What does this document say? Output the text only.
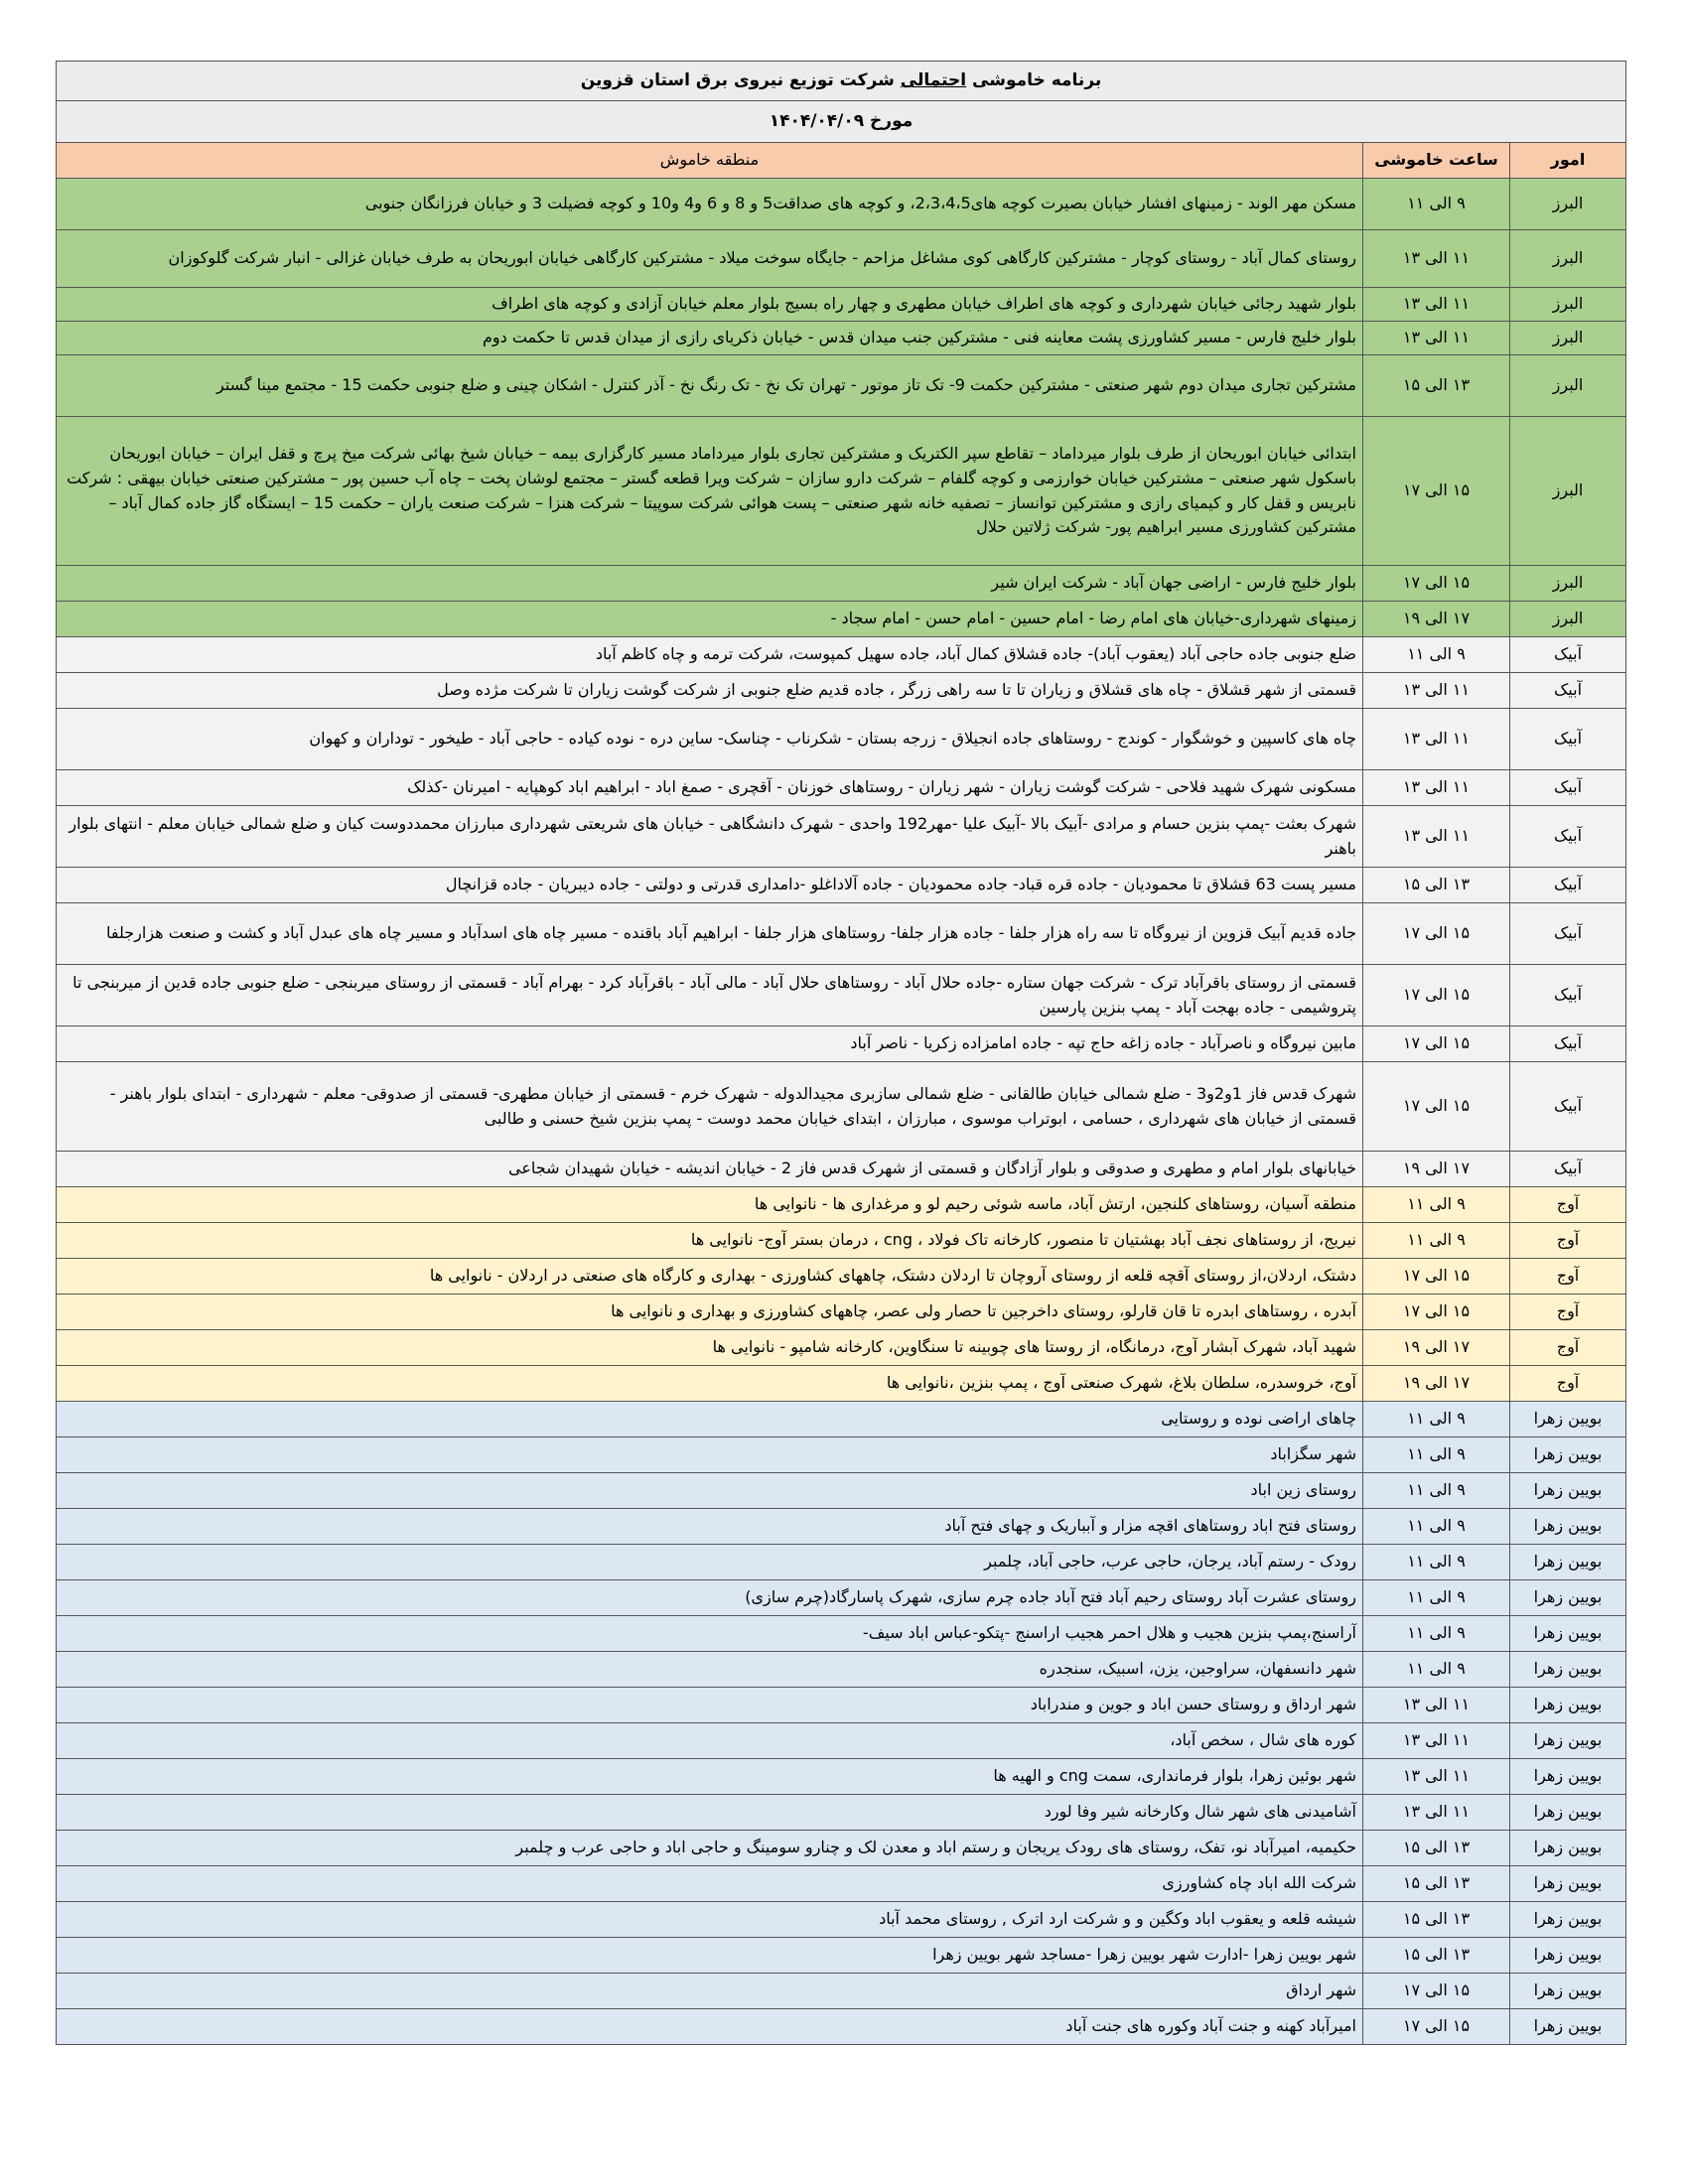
برنامه خاموشی احتمالی شرکت توزیع نیروی برق استان قزوین		
مورخ ۱۴۰۴/۰۴/۰۹		
امور	ساعت خاموشی	منطقه خاموش
البرز	۹ الی ۱۱	مسکن مهر الوند - زمینهای افشار خیابان بصیرت کوچه های2،3،4،5، و کوچه های صداقت5 و 8 و 6 و4 و10 و کوچه فضیلت 3 و خیابان فرزانگان جنوبی
البرز	۱۱ الی ۱۳	روستای کمال آباد - روستای کوچار - مشترکین کارگاهی کوی مشاغل مزاحم - جایگاه سوخت میلاد - مشترکین کارگاهی خیابان ابوریحان به طرف خیابان غزالی - انبار شرکت گلوکوزان
البرز	۱۱ الی ۱۳	بلوار شهید رجائی خیابان شهرداری و کوچه های اطراف خیابان مطهری و چهار راه بسیج بلوار معلم خیابان آزادی و کوچه های اطراف
البرز	۱۱ الی ۱۳	بلوار خلیج فارس - مسیر کشاورزی پشت معاینه فنی - مشترکین جنب میدان قدس - خیابان ذکریای رازی از میدان قدس تا حکمت دوم
البرز	۱۳ الی ۱۵	مشترکین تجاری میدان دوم شهر صنعتی - مشترکین حکمت 9- تک تاز موتور - تهران تک نخ - تک رنگ نخ - آذر کنترل - اشکان چینی و ضلع جنوبی حکمت 15 - مجتمع مینا گستر
البرز	۱۵ الی ۱۷	ابتدائی خیابان ابوریحان از طرف بلوار میرداماد – تقاطع سپر الکتریک و مشترکین تجاری بلوار میرداماد مسیر کارگزاری بیمه – خیابان شیخ بهائی شرکت میخ پرچ و قفل ایران – خیابان ابوریحان باسکول شهر صنعتی – مشترکین خیابان خوارزمی و کوچه گلفام – شرکت دارو سازان – شرکت ویرا قطعه گستر – مجتمع لوشان پخت – چاه آب حسین پور – مشترکین صنعتی خیابان بیهقی : شرکت نابریس و قفل کار و کیمیای رازی و مشترکین توانساز – تصفیه خانه شهر صنعتی – پست هوائی شرکت سوپیتا – شرکت هنزا – شرکت صنعت یاران – حکمت 15 – ایستگاه گاز جاده کمال آباد – مشترکین کشاورزی مسیر ابراهیم پور- شرکت ژلاتین حلال
البرز	۱۵ الی ۱۷	بلوار خلیج فارس - اراضی جهان آباد - شرکت ایران شیر
البرز	۱۷ الی ۱۹	زمینهای شهرداری-خیابان های امام رضا - امام حسین - امام حسن - امام سجاد -
آبیک	۹ الی ۱۱	ضلع جنوبی جاده حاجی آباد (یعقوب آباد)- جاده قشلاق کمال آباد، جاده سهیل کمپوست، شرکت ترمه و چاه کاظم آباد
آبیک	۱۱ الی ۱۳	قسمتی از شهر قشلاق - چاه های قشلاق و زیاران تا تا سه راهی زرگر ، جاده قدیم ضلع جنوبی از شرکت گوشت زیاران تا شرکت مژده وصل
آبیک	۱۱ الی ۱۳	چاه های کاسپین و خوشگوار - کوندج - روستاهای جاده انجیلاق - زرجه بستان - شکرناب - چناسک- ساین دره - نوده کیاده - حاجی آباد - طیخور - توداران و کهوان
آبیک	۱۱ الی ۱۳	مسکونی شهرک شهید فلاحی - شرکت گوشت زیاران - شهر زیاران - روستاهای خوزنان - آقچری - صمغ اباد - ابراهیم اباد کوهپایه - امیرنان -کذلک
آبیک	۱۱ الی ۱۳	شهرک بعثت -پمپ بنزین حسام و مرادی -آبیک بالا -آبیک علیا -مهر192 واحدی - شهرک دانشگاهی - خیابان های شریعتی شهرداری مبارزان محمددوست کیان و ضلع شمالی خیابان معلم - انتهای بلوار باهنر
آبیک	۱۳ الی ۱۵	مسیر پست 63 قشلاق تا محمودیان - جاده قره قباد- جاده محمودیان - جاده آلاداغلو -دامداری قدرتی و دولتی - جاده دیبریان - جاده قزانچال
آبیک	۱۵ الی ۱۷	جاده قدیم آبیک قزوین از نیروگاه تا سه راه هزار جلفا - جاده هزار جلفا- روستاهای هزار جلفا - ابراهیم آباد باقنده - مسیر چاه های اسدآباد و مسیر چاه های عبدل آباد و کشت و صنعت هزارجلفا
آبیک	۱۵ الی ۱۷	قسمتی از روستای باقرآباد ترک - شرکت جهان ستاره -جاده حلال آباد - روستاهای حلال آباد - مالی آباد - باقرآباد کرد - بهرام آباد - قسمتی از روستای میربنجی - ضلع جنوبی جاده قدین از میربنجی تا پتروشیمی - جاده بهجت آباد - پمپ بنزین پارسین
آبیک	۱۵ الی ۱۷	مابین نیروگاه و ناصرآباد - جاده زاغه حاج تپه - جاده امامزاده زکریا - ناصر آباد
آبیک	۱۵ الی ۱۷	شهرک قدس فاز 1و2و3 - ضلع شمالی خیابان طالقانی - ضلع شمالی سازبری مجیدالدوله - شهرک خرم - قسمتی از خیابان مطهری- قسمتی از صدوقی- معلم - شهرداری - ابتدای بلوار باهنر - قسمتی از خیابان های شهرداری ، حسامی ، ابوتراب موسوی ، مبارزان ، ابتدای خیابان محمد دوست - پمپ بنزین شیخ حسنی و طالبی
آبیک	۱۷ الی ۱۹	خیابانهای بلوار امام و مطهری و صدوقی و بلوار آزادگان و قسمتی از شهرک قدس فاز 2 - خیابان اندیشه - خیابان شهیدان شجاعی
آوج	۹ الی ۱۱	منطقه آسیان، روستاهای کلنجین، ارتش آباد، ماسه شوئی رحیم لو و مرغداری ها - نانوایی ها
آوج	۹ الی ۱۱	نیریج، از روستاهای نجف آباد بهشتیان تا منصور، کارخانه تاک فولاد ، cng ، درمان بستر آوج- نانوایی ها
آوج	۱۵ الی ۱۷	دشتک، اردلان،از روستای آقچه قلعه از روستای آروچان تا اردلان دشتک، چاههای کشاورزی - بهداری و کارگاه های صنعتی در اردلان - نانوایی ها
آوج	۱۵ الی ۱۷	آبدره ، روستاهای ابدره تا قان قارلو، روستای داخرجین تا حصار ولی عصر، چاههای کشاورزی و بهداری و نانوایی ها
آوج	۱۷ الی ۱۹	شهید آباد، شهرک آبشار آوج، درمانگاه، از روستا های چوبینه تا سنگاوین، کارخانه شامپو - نانوایی ها
آوج	۱۷ الی ۱۹	آوج، خروسدره، سلطان بلاغ، شهرک صنعتی آوج ، پمپ بنزین ،نانوایی ها
بویین زهرا	۹ الی ۱۱	چاهای اراضی نوده و روستایی
بویین زهرا	۹ الی ۱۱	شهر سگزاباد
بویین زهرا	۹ الی ۱۱	روستای زین اباد
بویین زهرا	۹ الی ۱۱	روستای فتح اباد روستاهای اقچه مزار و آبباریک و چهای فتح آباد
بویین زهرا	۹ الی ۱۱	رودک - رستم آباد، یرجان، حاجی عرب، حاجی آباد، چلمبر
بویین زهرا	۹ الی ۱۱	روستای عشرت آباد روستای رحیم آباد فتح آباد جاده چرم سازی، شهرک پاسارگاد(چرم سازی)
بویین زهرا	۹ الی ۱۱	آراسنج،پمپ بنزین هجیب و هلال احمر هجیب اراسنج -پتکو-عباس اباد سیف-
بویین زهرا	۹ الی ۱۱	شهر دانسفهان، سراوجین، یزن، اسبیک، سنجدره
بویین زهرا	۱۱ الی ۱۳	شهر ارداق و روستای حسن اباد و جوین و مندراباد
بویین زهرا	۱۱ الی ۱۳	کوره های شال ، سخص آباد،
بویین زهرا	۱۱ الی ۱۳	شهر بوئین زهرا، بلوار فرمانداری، سمت cng و الهیه ها
بویین زهرا	۱۱ الی ۱۳	آشامیدنی های شهر شال وکارخانه شیر وفا لورد
بویین زهرا	۱۳ الی ۱۵	حکیمیه، امیرآباد نو، تفک، روستای های رودک یریجان و رستم اباد و معدن لک و چنارو سومینگ و حاجی اباد و حاجی عرب و چلمبر
بویین زهرا	۱۳ الی ۱۵	شرکت الله اباد چاه کشاورزی
بویین زهرا	۱۳ الی ۱۵	شیشه قلعه و یعقوب اباد وکگین و و شرکت ارد اترک , روستای محمد آباد
بویین زهرا	۱۳ الی ۱۵	شهر بویین زهرا -ادارت شهر بویین زهرا -مساجد شهر بویین زهرا
بویین زهرا	۱۵ الی ۱۷	شهر ارداق
بویین زهرا	۱۵ الی ۱۷	امیرآباد کهنه و جنت آباد وکوره های جنت آباد
